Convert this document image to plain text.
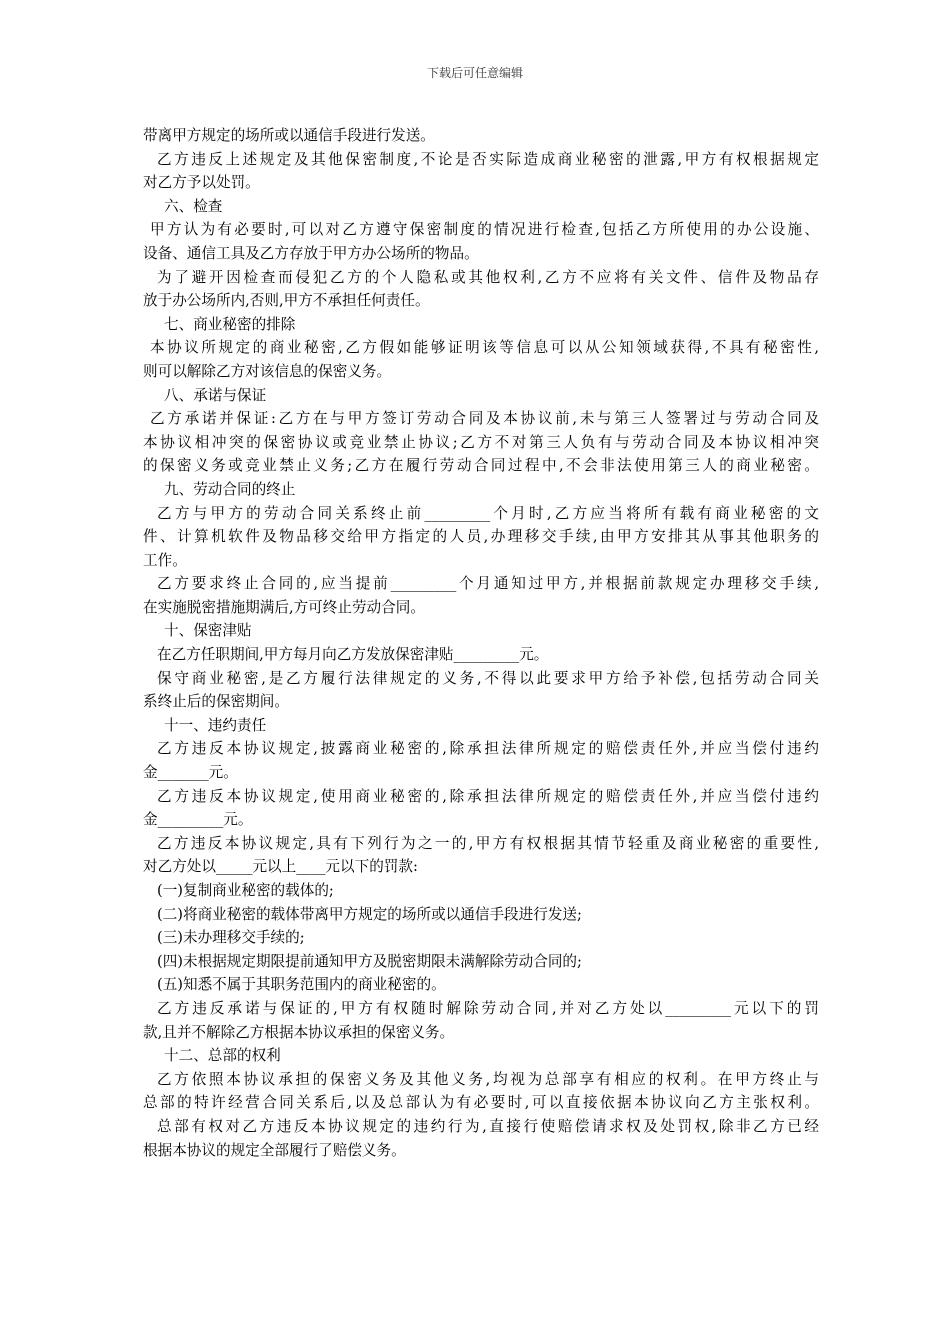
下载后可任意编辑
带离甲方规定的场所或以通信手段进行发送。
乙方违反上述规定及其他保密制度,不论是否实际造成商业秘密的泄露,甲方有权根据规定
对乙方予以处罚。
六、检查
甲方认为有必要时,可以对乙方遵守保密制度的情况进行检查,包括乙方所使用的办公设施、
设备、通信工具及乙方存放于甲方办公场所的物品。
为了避开因检查而侵犯乙方的个人隐私或其他权利,乙方不应将有关文件、信件及物品存
放于办公场所内,否则,甲方不承担任何责任。
七、商业秘密的排除
本协议所规定的商业秘密,乙方假如能够证明该等信息可以从公知领域获得,不具有秘密性,
则可以解除乙方对该信息的保密义务。
八、承诺与保证
乙方承诺并保证:乙方在与甲方签订劳动合同及本协议前,未与第三人签署过与劳动合同及
本协议相冲突的保密协议或竞业禁止协议;乙方不对第三人负有与劳动合同及本协议相冲突
的保密义务或竞业禁止义务;乙方在履行劳动合同过程中,不会非法使用第三人的商业秘密。
九、劳动合同的终止
乙方与甲方的劳动合同关系终止前_________个月时,乙方应当将所有载有商业秘密的文
件、计算机软件及物品移交给甲方指定的人员,办理移交手续,由甲方安排其从事其他职务的
工作。
乙方要求终止合同的,应当提前_________个月通知过甲方,并根据前款规定办理移交手续,
在实施脱密措施期满后,方可终止劳动合同。
十、保密津贴
在乙方任职期间,甲方每月向乙方发放保密津贴_________元。
保守商业秘密,是乙方履行法律规定的义务,不得以此要求甲方给予补偿,包括劳动合同关
系终止后的保密期间。
十一、违约责任
乙方违反本协议规定,披露商业秘密的,除承担法律所规定的赔偿责任外,并应当偿付违约
金_______元。
乙方违反本协议规定,使用商业秘密的,除承担法律所规定的赔偿责任外,并应当偿付违约
金_________元。
乙方违反本协议规定,具有下列行为之一的,甲方有权根据其情节轻重及商业秘密的重要性,
对乙方处以_____元以上____元以下的罚款:
(一)复制商业秘密的载体的;
(二)将商业秘密的载体带离甲方规定的场所或以通信手段进行发送;
(三)未办理移交手续的;
(四)未根据规定期限提前通知甲方及脱密期限未满解除劳动合同的;
(五)知悉不属于其职务范围内的商业秘密的。
乙方违反承诺与保证的,甲方有权随时解除劳动合同,并对乙方处以_________元以下的罚
款,且并不解除乙方根据本协议承担的保密义务。
十二、总部的权利
乙方依照本协议承担的保密义务及其他义务,均视为总部享有相应的权利。在甲方终止与
总部的特许经营合同关系后,以及总部认为有必要时,可以直接依据本协议向乙方主张权利。
总部有权对乙方违反本协议规定的违约行为,直接行使赔偿请求权及处罚权,除非乙方已经
根据本协议的规定全部履行了赔偿义务。
